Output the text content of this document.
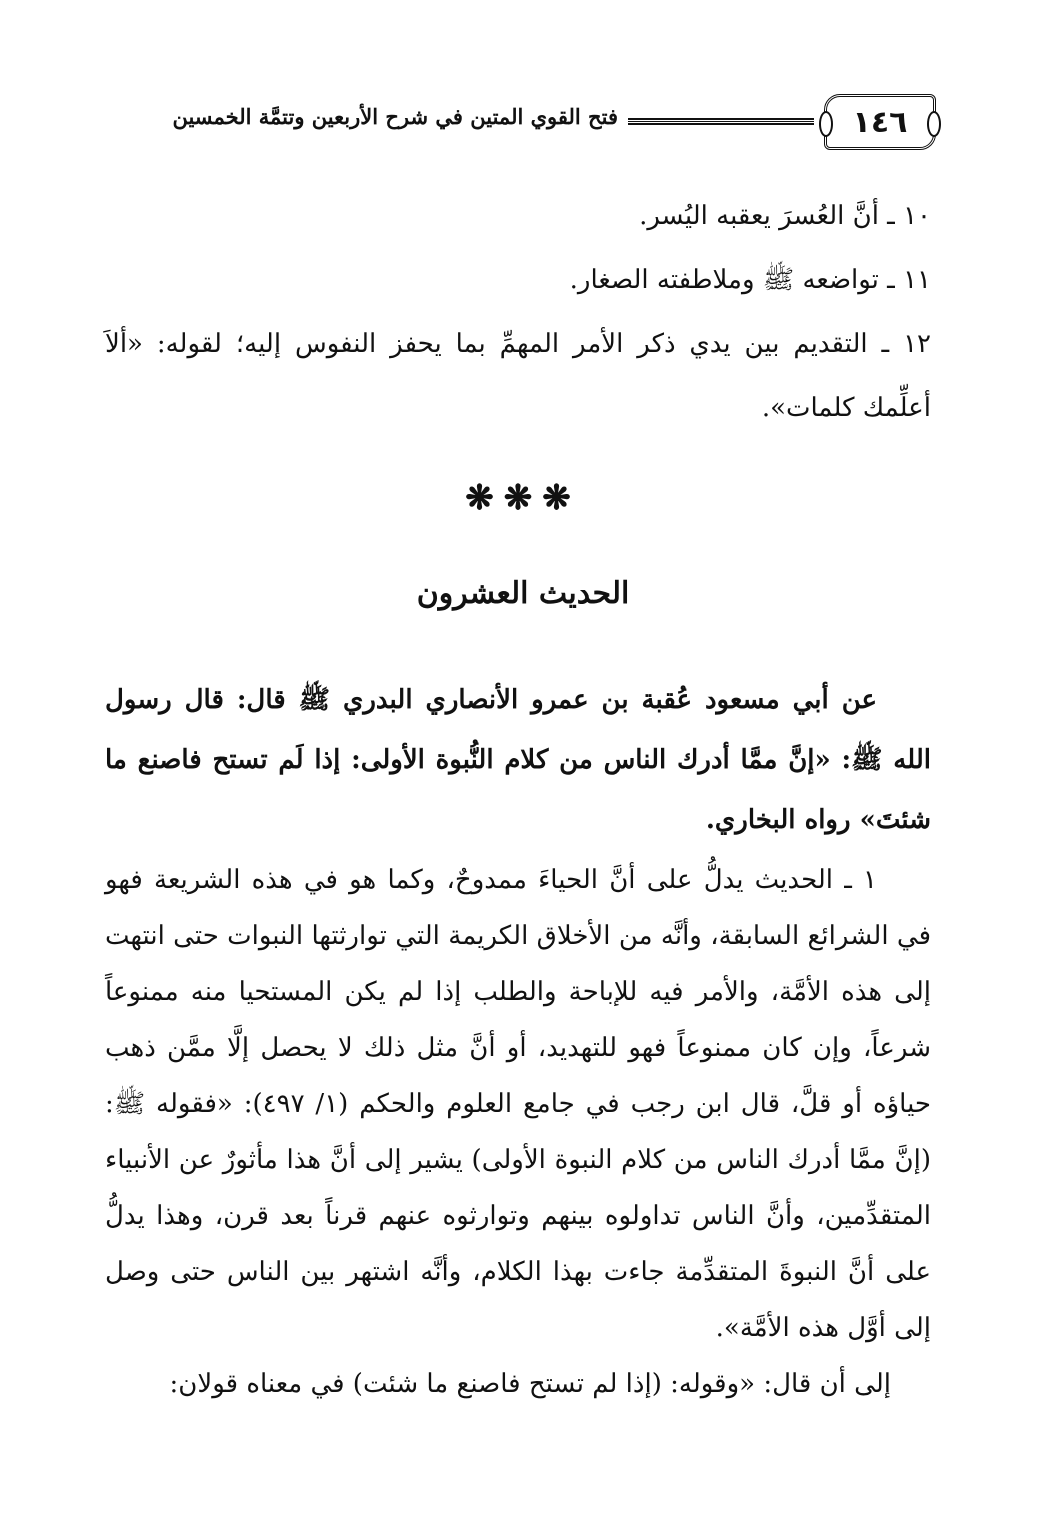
١٤٦
فتح القوي المتين في شرح الأربعين وتتمَّة الخمسين

١٠ ـ أنَّ العُسرَ يعقبه اليُسر.

١١ ـ تواضعه ﷺ وملاطفته الصغار.

١٢ ـ التقديم بين يدي ذكر الأمر المهمِّ بما يحفز النفوس إليه؛ لقوله: «ألاَ أعلِّمك كلمات».

❋❋❋
الحديث العشرون

عن أبي مسعود عُقبة بن عمرو الأنصاري البدري ﷺ قال: قال رسول الله ﷺ: «إنَّ ممَّا أدرك الناس من كلام النُّبوة الأولى: إذا لَم تستح فاصنع ما شئتَ» رواه البخاري.

١ ـ الحديث يدلُّ على أنَّ الحياءَ ممدوحٌ، وكما هو في هذه الشريعة فهو في الشرائع السابقة، وأنَّه من الأخلاق الكريمة التي توارثتها النبوات حتى انتهت إلى هذه الأمَّة، والأمر فيه للإباحة والطلب إذا لم يكن المستحيا منه ممنوعاً شرعاً، وإن كان ممنوعاً فهو للتهديد، أو أنَّ مثل ذلك لا يحصل إلَّا ممَّن ذهب حياؤه أو قلَّ، قال ابن رجب في جامع العلوم والحكم (١/ ٤٩٧): «فقوله ﷺ: (إنَّ ممَّا أدرك الناس من كلام النبوة الأولى) يشير إلى أنَّ هذا مأثورٌ عن الأنبياء المتقدِّمين، وأنَّ الناس تداولوه بينهم وتوارثوه عنهم قرناً بعد قرن، وهذا يدلُّ على أنَّ النبوةَ المتقدِّمة جاءت بهذا الكلام، وأنَّه اشتهر بين الناس حتى وصل إلى أوَّل هذه الأمَّة».

إلى أن قال: «وقوله: (إذا لم تستح فاصنع ما شئت) في معناه قولان:
